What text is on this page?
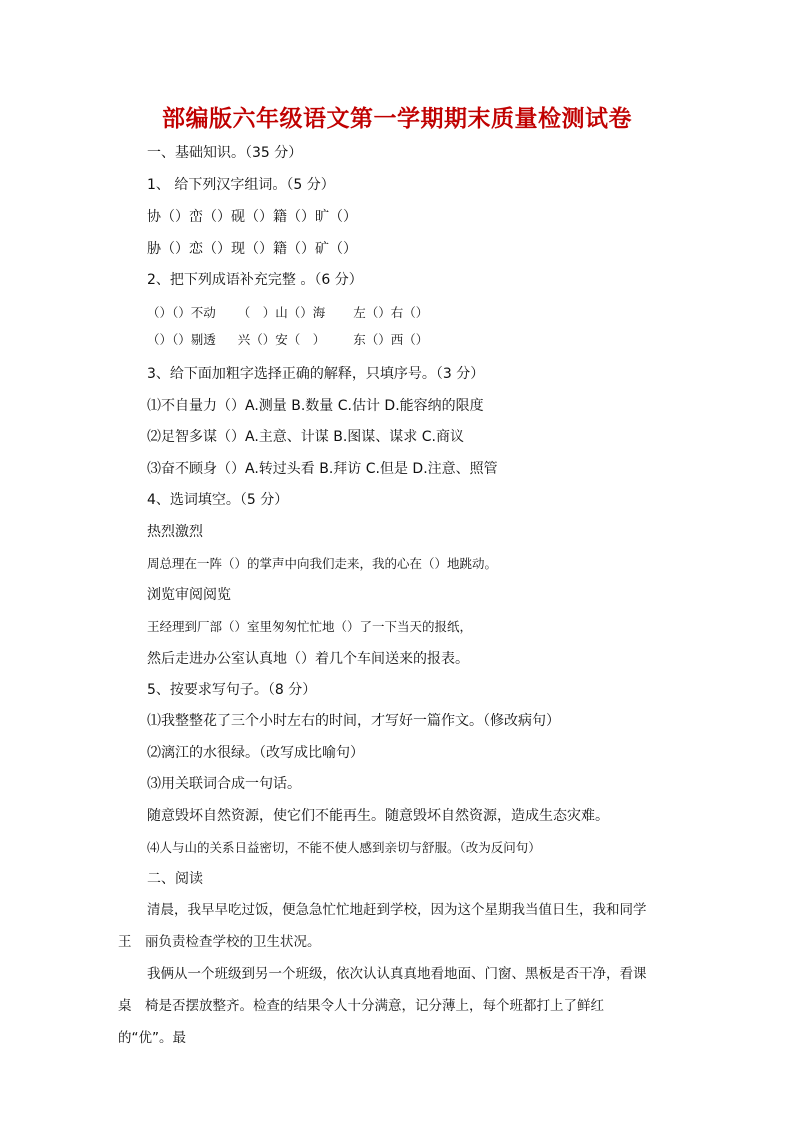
部编版六年级语文第一学期期末质量检测试卷
一、基础知识。（35 分）
1、 给下列汉字组词。（5 分）
协（）峦（）砚（）籍（）旷（）
胁（）恋（）现（）籍（）矿（）
2、把下列成语补充完整 。（6 分）
（）（）不动 （　）山（）海 左（）右（）
（）（）剔透 兴（）安（　） 东（）西（）
3、给下面加粗字选择正确的解释，只填序号。（3 分）
⑴不自量力（）A.测量 B.数量 C.估计 D.能容纳的限度
⑵足智多谋（）A.主意、计谋 B.图谋、谋求 C.商议
⑶奋不顾身（）A.转过头看 B.拜访 C.但是 D.注意、照管
4、选词填空。（5 分）
热烈激烈
周总理在一阵（）的掌声中向我们走来，我的心在（）地跳动。
浏览审阅阅览
王经理到厂部（）室里匆匆忙忙地（）了一下当天的报纸，
然后走进办公室认真地（）着几个车间送来的报表。
5、按要求写句子。（8 分）
⑴我整整花了三个小时左右的时间，才写好一篇作文。（修改病句）
⑵漓江的水很绿。（改写成比喻句）
⑶用关联词合成一句话。
随意毁坏自然资源，使它们不能再生。随意毁坏自然资源，造成生态灾难。
⑷人与山的关系日益密切，不能不使人感到亲切与舒服。（改为反问句）
二、阅读
清晨，我早早吃过饭，便急急忙忙地赶到学校，因为这个星期我当值日生，我和同学王　丽负责检查学校的卫生状况。
我俩从一个班级到另一个班级，依次认认真真地看地面、门窗、黑板是否干净，看课桌　椅是否摆放整齐。检查的结果令人十分满意，记分薄上，每个班都打上了鲜红的“优”。最
